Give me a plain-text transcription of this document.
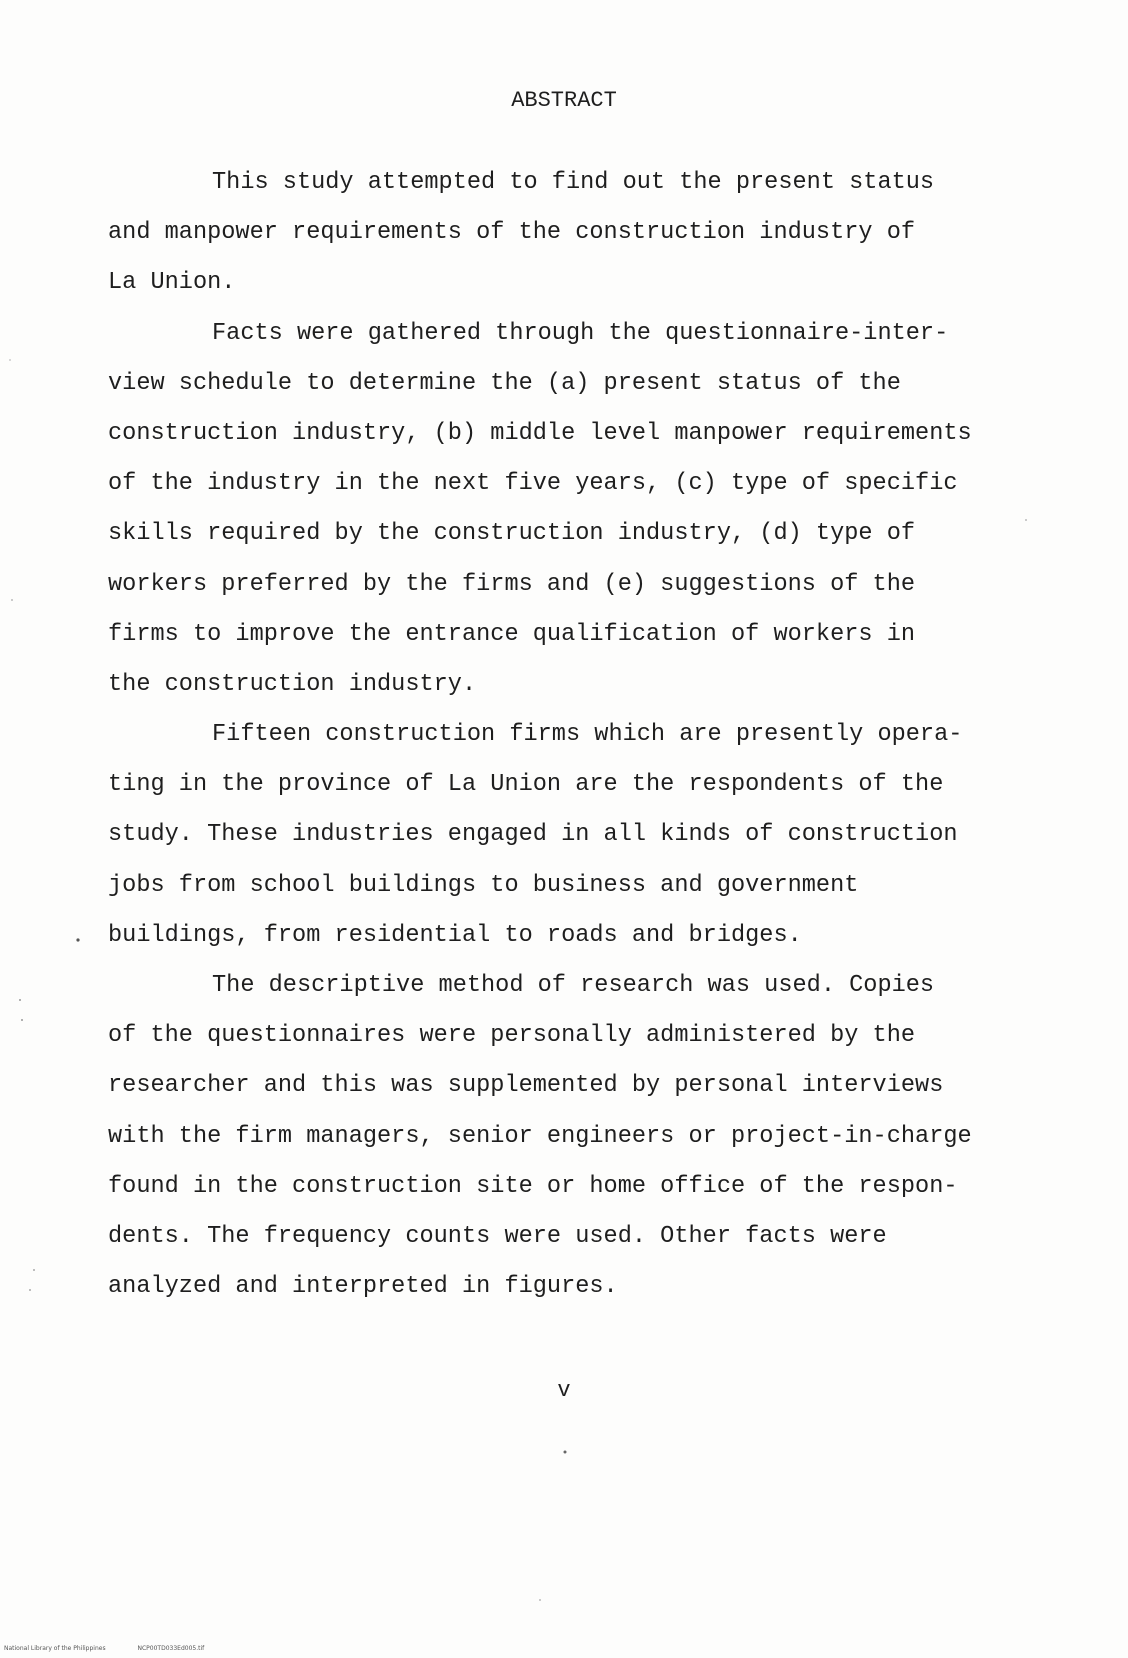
ABSTRACT

This study attempted to find out the present status
and manpower requirements of the construction industry of
La Union.

Facts were gathered through the questionnaire-inter-
view schedule to determine the (a) present status of the
construction industry, (b) middle level manpower requirements
of the industry in the next five years, (c) type of specific
skills required by the construction industry, (d) type of
workers preferred by the firms and (e) suggestions of the
firms to improve the entrance qualification of workers in
the construction industry.

Fifteen construction firms which are presently opera-
ting in the province of La Union are the respondents of the
study. These industries engaged in all kinds of construction
jobs from school buildings to business and government
buildings, from residential to roads and bridges.

The descriptive method of research was used. Copies
of the questionnaires were personally administered by the
researcher and this was supplemented by personal interviews
with the firm managers, senior engineers or project-in-charge
found in the construction site or home office of the respon-
dents. The frequency counts were used. Other facts were
analyzed and interpreted in figures.

v
National Library of the Philippines	NCP00TD033Ed005.tif
